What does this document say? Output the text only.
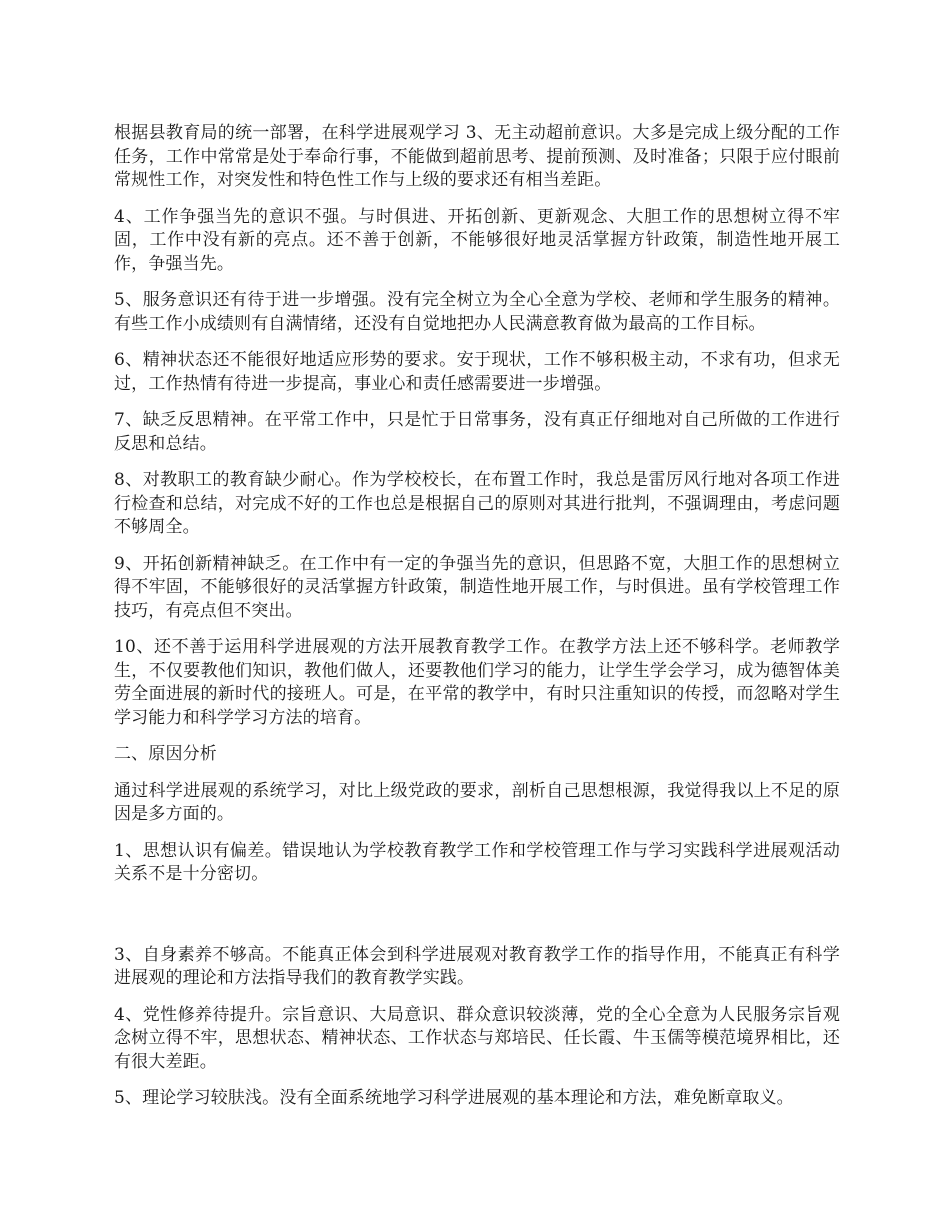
根据县教育局的统一部署，在科学进展观学习 3、无主动超前意识。大多是完成上级分配的工作任务，工作中常常是处于奉命行事，不能做到超前思考、提前预测、及时准备；只限于应付眼前常规性工作，对突发性和特色性工作与上级的要求还有相当差距。

4、工作争强当先的意识不强。与时俱进、开拓创新、更新观念、大胆工作的思想树立得不牢固，工作中没有新的亮点。还不善于创新，不能够很好地灵活掌握方针政策，制造性地开展工作，争强当先。

5、服务意识还有待于进一步增强。没有完全树立为全心全意为学校、老师和学生服务的精神。有些工作小成绩则有自满情绪，还没有自觉地把办人民满意教育做为最高的工作目标。

6、精神状态还不能很好地适应形势的要求。安于现状，工作不够积极主动，不求有功，但求无过，工作热情有待进一步提高，事业心和责任感需要进一步增强。

7、缺乏反思精神。在平常工作中，只是忙于日常事务，没有真正仔细地对自己所做的工作进行反思和总结。

8、对教职工的教育缺少耐心。作为学校校长，在布置工作时，我总是雷厉风行地对各项工作进行检查和总结，对完成不好的工作也总是根据自己的原则对其进行批判，不强调理由，考虑问题不够周全。

9、开拓创新精神缺乏。在工作中有一定的争强当先的意识，但思路不宽，大胆工作的思想树立得不牢固，不能够很好的灵活掌握方针政策，制造性地开展工作，与时俱进。虽有学校管理工作技巧，有亮点但不突出。

10、还不善于运用科学进展观的方法开展教育教学工作。在教学方法上还不够科学。老师教学生，不仅要教他们知识，教他们做人，还要教他们学习的能力，让学生学会学习，成为德智体美劳全面进展的新时代的接班人。可是，在平常的教学中，有时只注重知识的传授，而忽略对学生学习能力和科学学习方法的培育。

二、原因分析

通过科学进展观的系统学习，对比上级党政的要求，剖析自己思想根源，我觉得我以上不足的原因是多方面的。

1、思想认识有偏差。错误地认为学校教育教学工作和学校管理工作与学习实践科学进展观活动关系不是十分密切。

3、自身素养不够高。不能真正体会到科学进展观对教育教学工作的指导作用，不能真正有科学进展观的理论和方法指导我们的教育教学实践。

4、党性修养待提升。宗旨意识、大局意识、群众意识较淡薄，党的全心全意为人民服务宗旨观念树立得不牢，思想状态、精神状态、工作状态与郑培民、任长霞、牛玉儒等模范境界相比，还有很大差距。

5、理论学习较肤浅。没有全面系统地学习科学进展观的基本理论和方法，难免断章取义。
